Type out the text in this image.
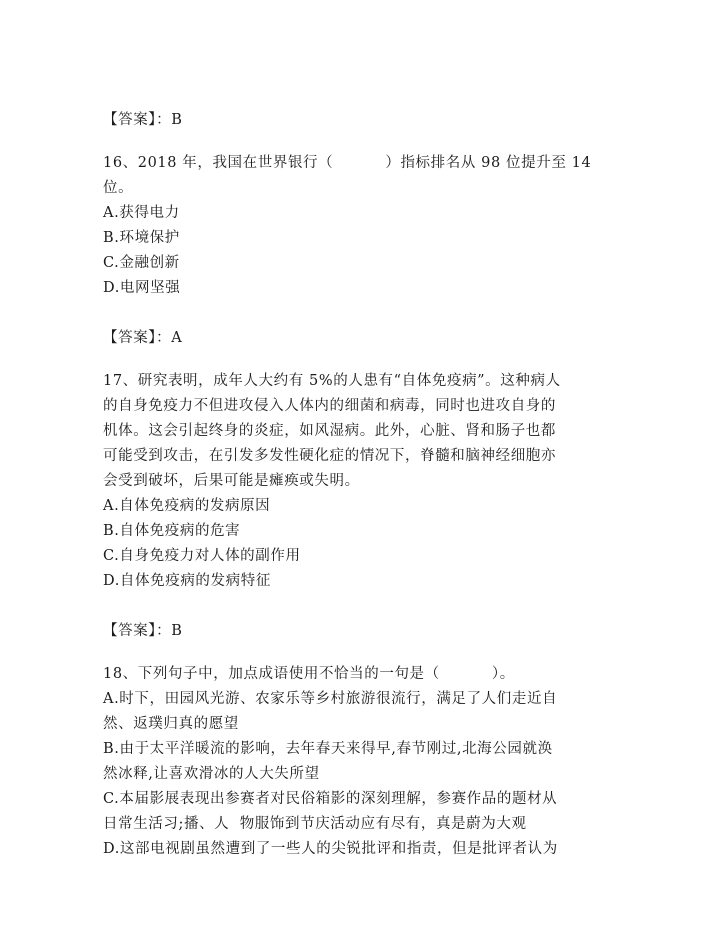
【答案】：B
16、2018 年，我国在世界银行（          ）指标排名从 98 位提升至 14
位。
A.获得电力
B.环境保护
C.金融创新
D.电网坚强
【答案】：A
17、研究表明，成年人大约有 5%的人患有“自体免疫病”。这种病人
的自身免疫力不但进攻侵入人体内的细菌和病毒，同时也进攻自身的
机体。这会引起终身的炎症，如风湿病。此外，心脏、肾和肠子也都
可能受到攻击，在引发多发性硬化症的情况下，脊髓和脑神经细胞亦
会受到破坏，后果可能是瘫痪或失明。
A.自体免疫病的发病原因
B.自体免疫病的危害
C.自身免疫力对人体的副作用
D.自体免疫病的发病特征
【答案】：B
18、下列句子中，加点成语使用不恰当的一句是（          ）。
A.时下，田园风光游、农家乐等乡村旅游很流行，满足了人们走近自
然、返璞归真的愿望
B.由于太平洋暖流的影响，去年春天来得早,春节刚过,北海公园就涣
然冰释,让喜欢滑冰的人大失所望
C.本届影展表现出参赛者对民俗箱影的深刻理解，参赛作品的题材从
日常生活习;播、人  物服饰到节庆活动应有尽有，真是蔚为大观
D.这部电视剧虽然遭到了一些人的尖锐批评和指责，但是批评者认为
